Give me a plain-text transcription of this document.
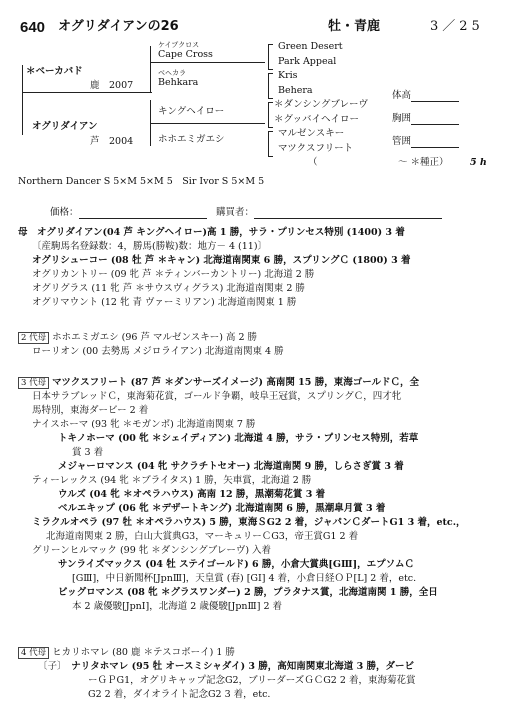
640 オグリダイアンの26	牡・青鹿	3／25
＊ベーカバド
鹿　2007
オグリダイアン
芦　2004
ケイプクロス
Cape Cross
ベヘカラ
Behkara
キングヘイロー
ホホエミガエシ
Green Desert
Park Appeal
Kris
Behera
＊ダンシングブレーヴ
＊グッバイヘイロー
マルゼンスキー
マツクスフリート
体高
胸囲
管囲
（	～ ＊種正） 5 h
Northern Dancer S 5×M 5×M 5　Sir Ivor S 5×M 5
価格：	購買者：
母　 オグリダイアン(04 芦 キングヘイロー)高 1 勝，サラ・プリンセス特別 (1400) 3 着
〔産駒馬名登録数：4，勝馬(勝鞍)数：地方－ 4 (11)〕
オグリシューコー (08 牡 芦 ＊キャン) 北海道南関東 6 勝，スプリングＣ (1800) 3 着
オグリカントリー (09 牝 芦 ＊ティンバーカントリー) 北海道 2 勝
オグリグラス (11 牝 芦 ＊サウスヴィグラス) 北海道南関東 2 勝
オグリマウント (12 牝 青 ヴァーミリアン) 北海道南関東 1 勝
2 代母 ホホエミガエシ (96 芦 マルゼンスキー) 高 2 勝
ローリオン (00 去勢馬 メジロライアン) 北海道南関東 4 勝
3 代母 マツクスフリート (87 芦 ＊ダンサーズイメージ) 高南関 15 勝，東海ゴールドＣ，全
日本サラブレッドＣ，東海菊花賞，ゴールド争覇，岐阜王冠賞，スプリングＣ，四才牝
馬特別，東海ダービー 2 着
ナイスホーマ (93 牝 ＊モガンボ) 北海道南関東 7 勝
トキノホーマ (00 牝 ＊シェイディアン) 北海道 4 勝，サラ・プリンセス特別，若草
賞 3 着
メジャーロマンス (04 牝 サクラチトセオー) 北海道南関 9 勝，しらさぎ賞 3 着
ティーレックス (94 牝 ＊ブライタス) 1 勝，矢車賞，北海道 2 勝
ウルズ (04 牝 ＊オペラハウス) 高南 12 勝，黒潮菊花賞 3 着
ベルエキップ (06 牝 ＊デザートキング) 北海道南関 6 勝，黒潮皐月賞 3 着
ミラクルオペラ (97 牡 ＊オペラハウス) 5 勝，東海ＳG2 2 着，ジャパンＣダートG1 3 着，etc.，
北海道南関東 2 勝，白山大賞典G3，マーキュリーＣG3，帝王賞G1 2 着
グリーンヒルマック (99 牝 ＊ダンシングブレーヴ) 入着
サンライズマックス (04 牡 ステイゴールド) 6 勝，小倉大賞典[GⅢ]，エプソムＣ
[GⅢ]，中日新聞杯[JpnⅢ]，天皇賞 (春) [GⅠ] 4 着，小倉日経ＯＰ[L] 2 着，etc.
ビッグロマンス (08 牝 ＊グラスワンダー) 2 勝，プラタナス賞，北海道南関 1 勝，全日
本 2 歳優駿[JpnⅠ]，北海道 2 歳優駿[JpnⅢ] 2 着
4 代母 ヒカリホマレ (80 鹿 ＊テスコボーイ) 1 勝
〔子〕　 ナリタホマレ (95 牡 オースミシャダイ) 3 勝，高知南関東北海道 3 勝，ダービ
ーＧＰG1，オグリキャップ記念G2，ブリーダーズＧＣG2 2 着，東海菊花賞
G2 2 着，ダイオライト記念G2 3 着，etc.
